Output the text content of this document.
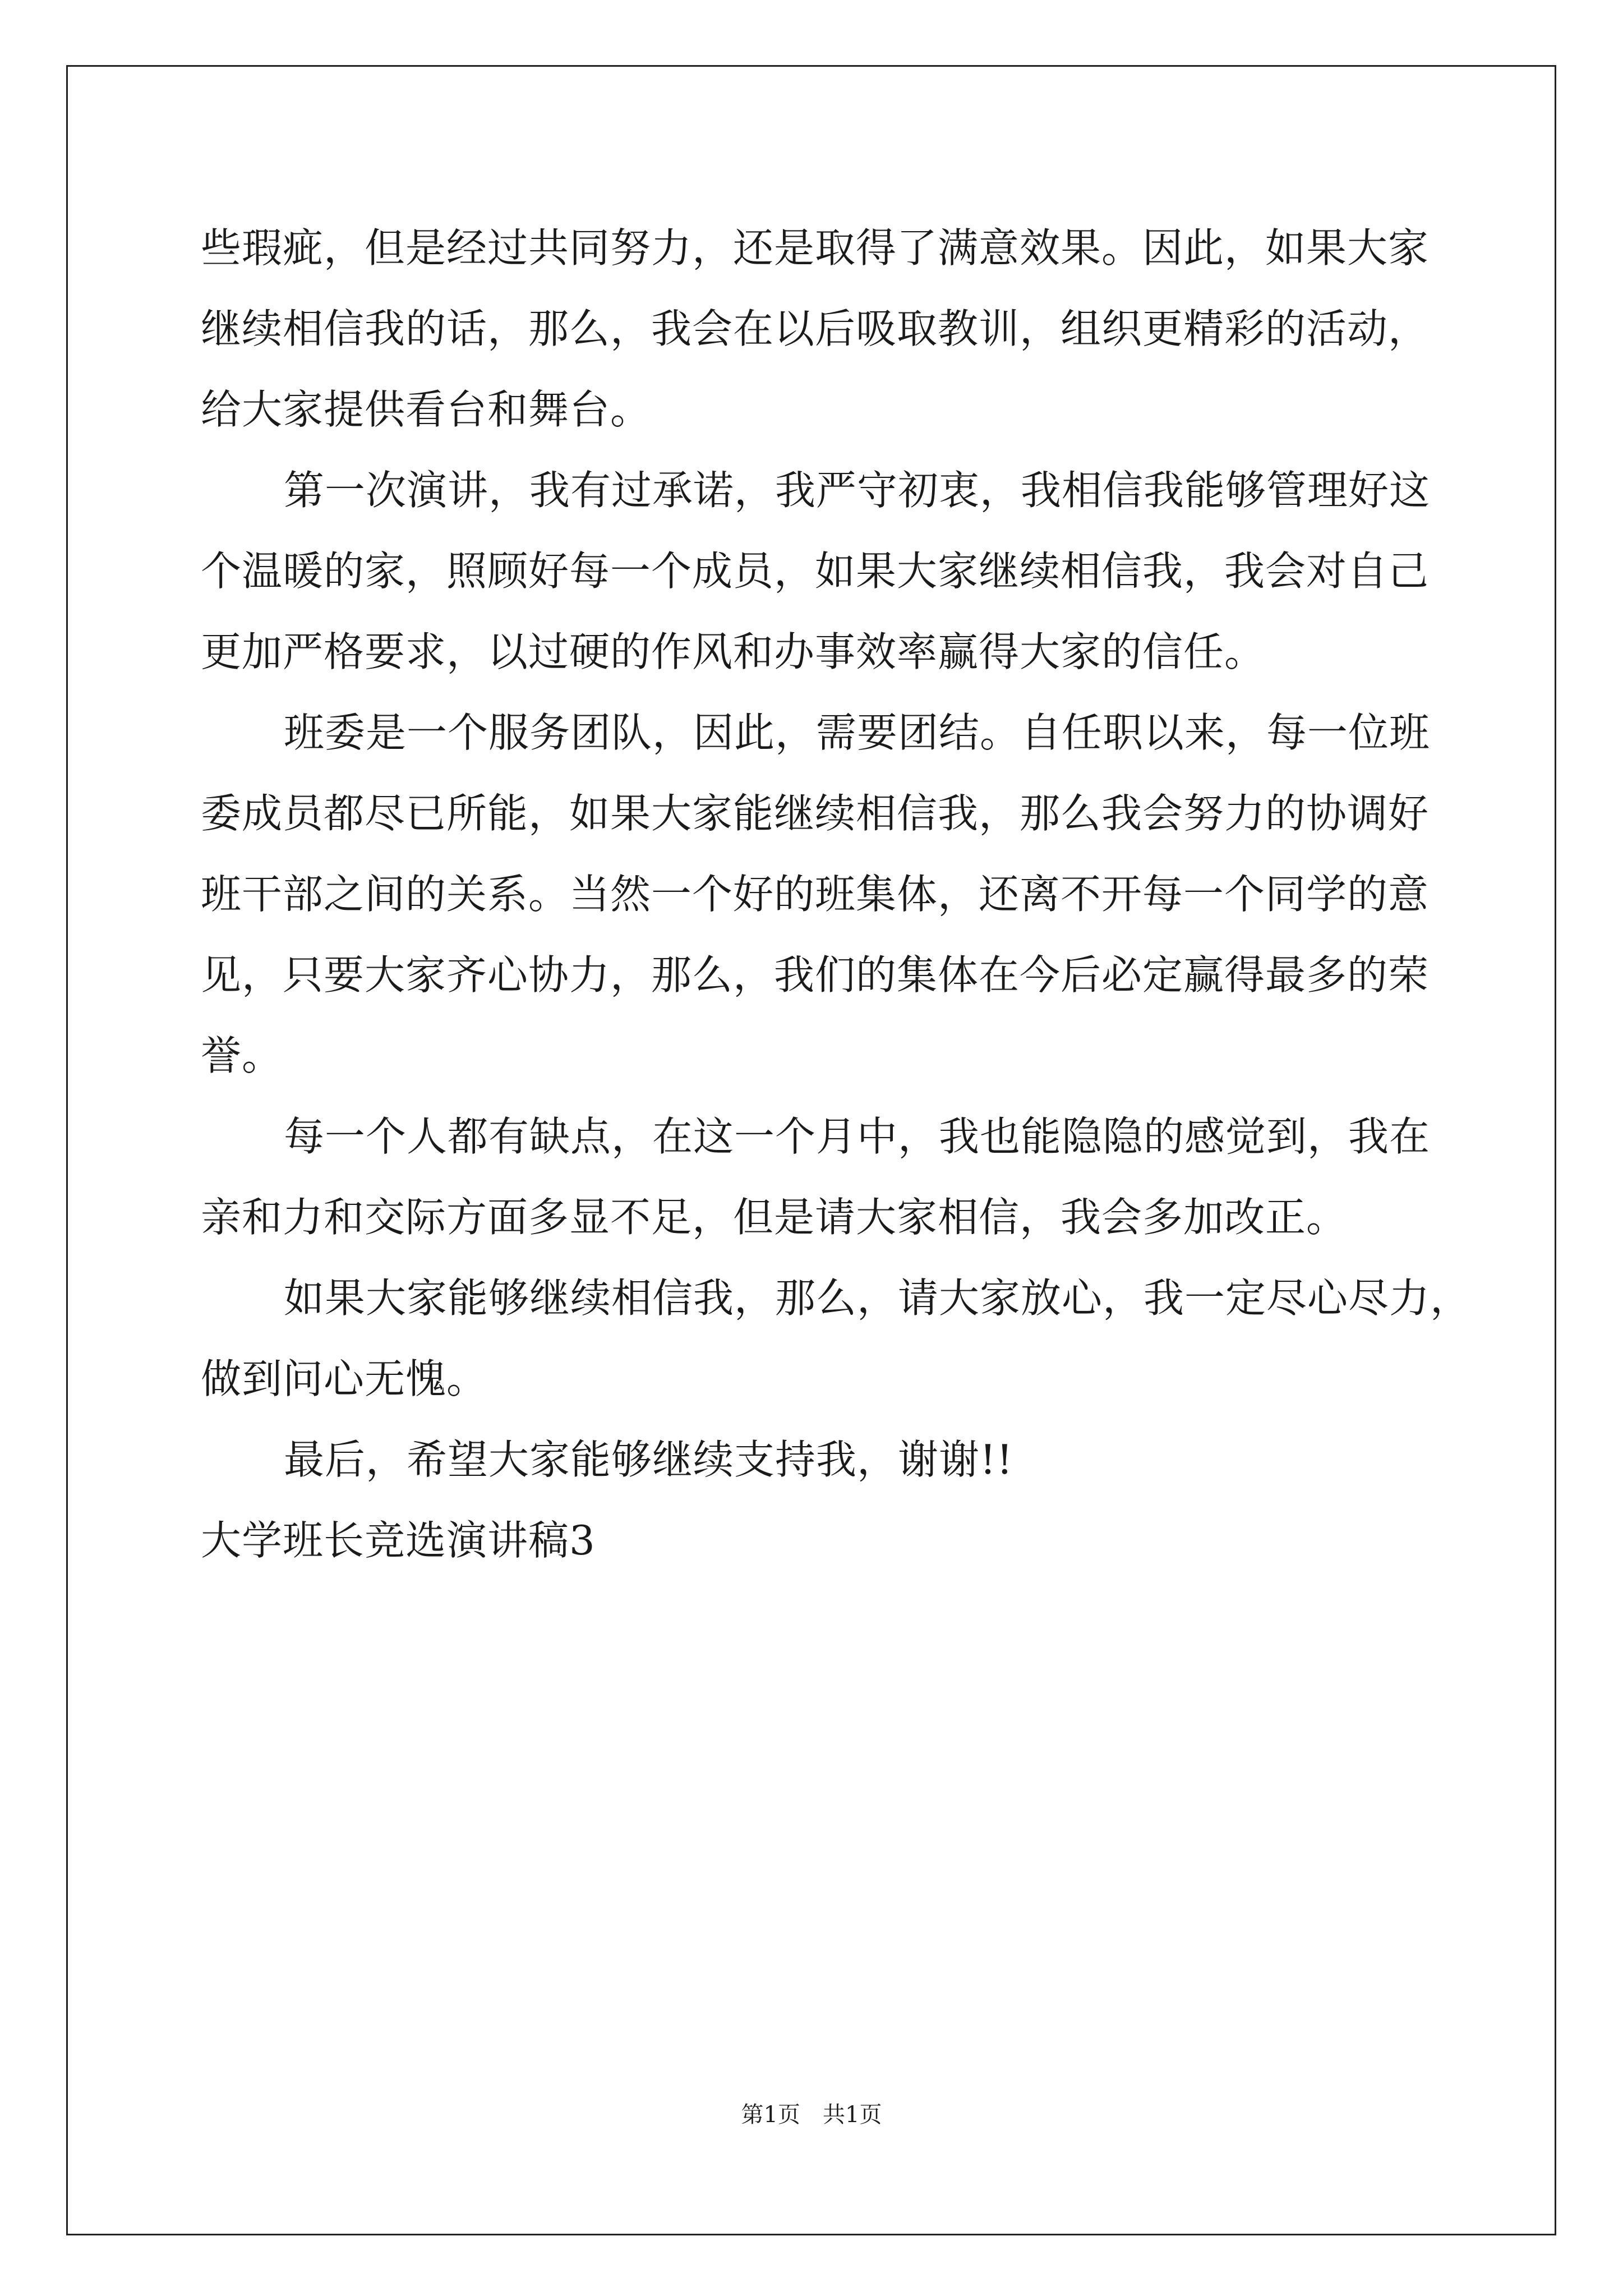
些瑕疵，但是经过共同努力，还是取得了满意效果。因此，如果大家
继续相信我的话，那么，我会在以后吸取教训，组织更精彩的活动，
给大家提供看台和舞台。
第一次演讲，我有过承诺，我严守初衷，我相信我能够管理好这
个温暖的家，照顾好每一个成员，如果大家继续相信我，我会对自己
更加严格要求，以过硬的作风和办事效率赢得大家的信任。
班委是一个服务团队，因此，需要团结。自任职以来，每一位班
委成员都尽已所能，如果大家能继续相信我，那么我会努力的协调好
班干部之间的关系。当然一个好的班集体，还离不开每一个同学的意
见，只要大家齐心协力，那么，我们的集体在今后必定赢得最多的荣
誉。
每一个人都有缺点，在这一个月中，我也能隐隐的感觉到，我在
亲和力和交际方面多显不足，但是请大家相信，我会多加改正。
如果大家能够继续相信我，那么，请大家放心，我一定尽心尽力，
做到问心无愧。
最后，希望大家能够继续支持我，谢谢!!
大学班长竞选演讲稿3
第1页　共1页
